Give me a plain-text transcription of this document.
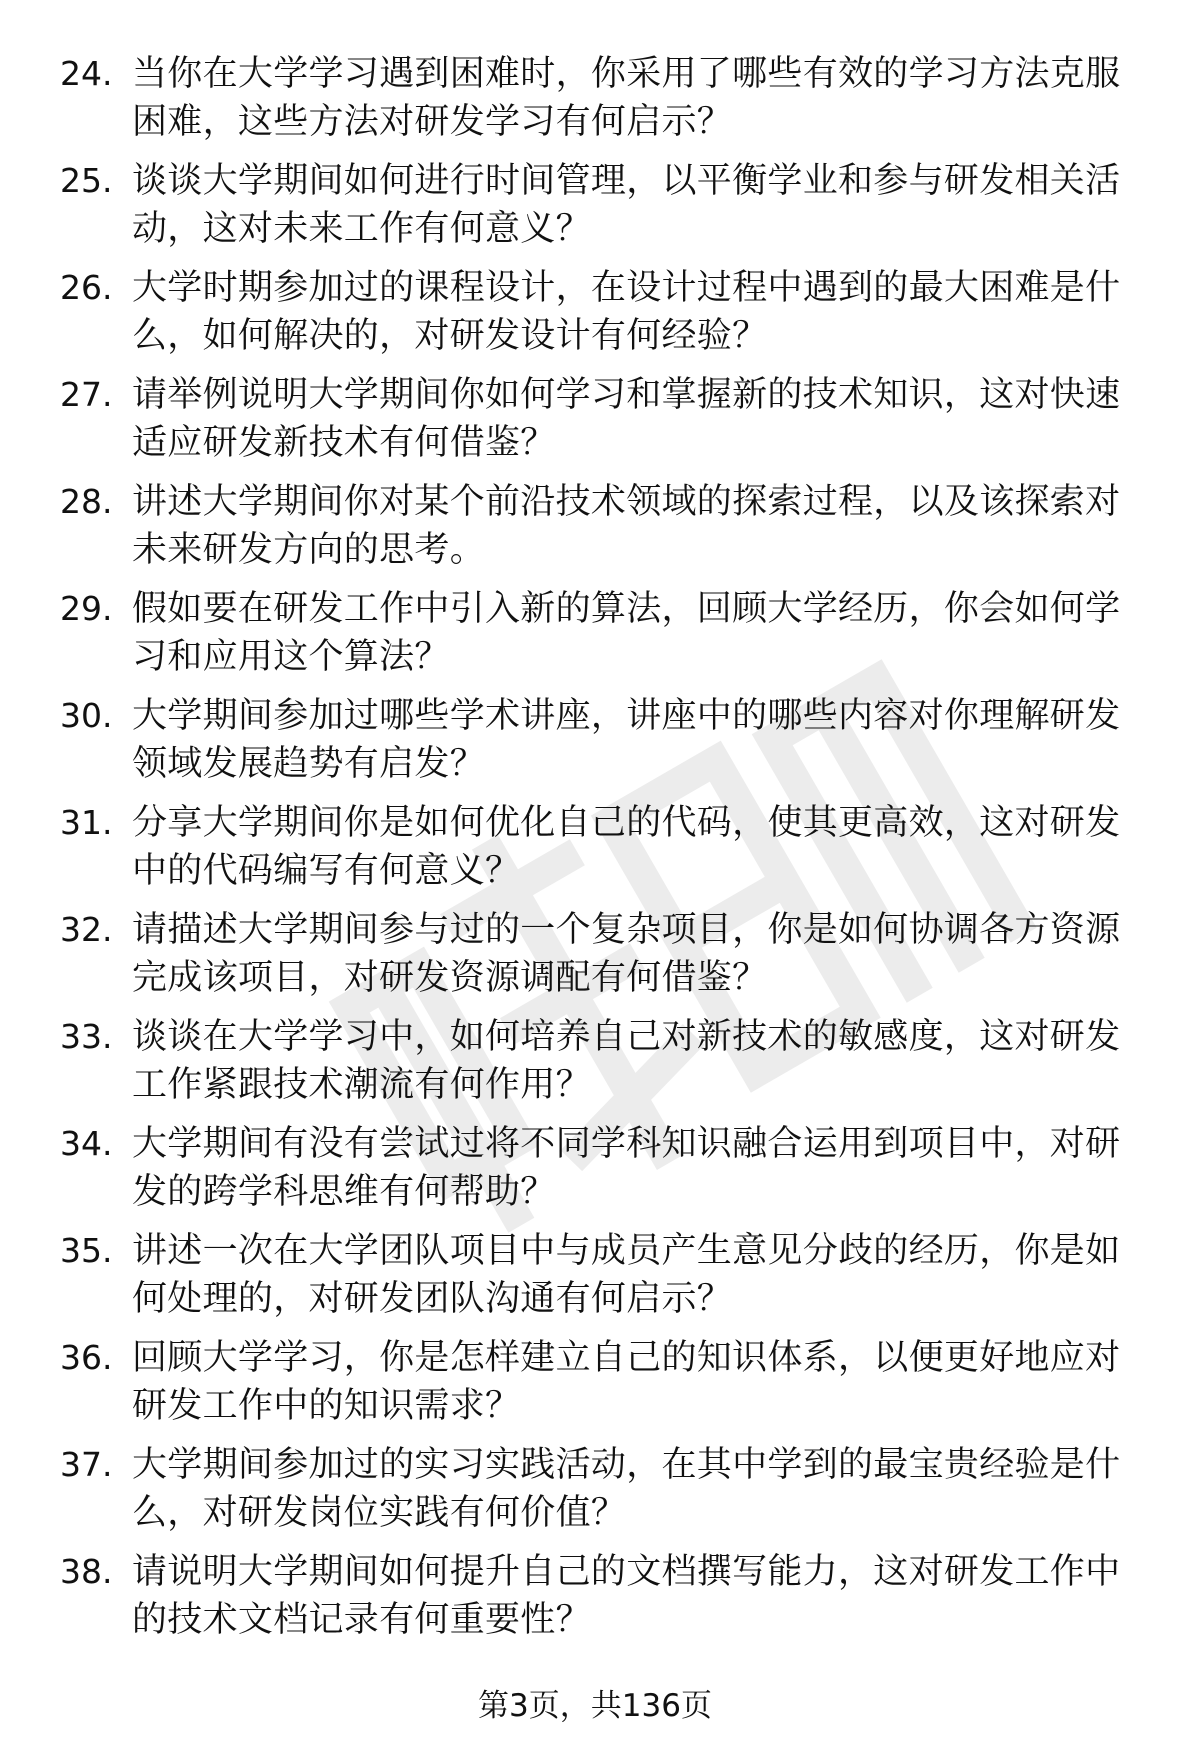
24. 当你在大学学习遇到困难时，你采用了哪些有效的学习方法克服
困难，这些方法对研发学习有何启示？
25. 谈谈大学期间如何进行时间管理，以平衡学业和参与研发相关活
动，这对未来工作有何意义？
26. 大学时期参加过的课程设计，在设计过程中遇到的最大困难是什
么，如何解决的，对研发设计有何经验？
27. 请举例说明大学期间你如何学习和掌握新的技术知识，这对快速
适应研发新技术有何借鉴？
28. 讲述大学期间你对某个前沿技术领域的探索过程，以及该探索对
未来研发方向的思考。
29. 假如要在研发工作中引入新的算法，回顾大学经历，你会如何学
习和应用这个算法？
30. 大学期间参加过哪些学术讲座，讲座中的哪些内容对你理解研发
领域发展趋势有启发？
31. 分享大学期间你是如何优化自己的代码，使其更高效，这对研发
中的代码编写有何意义？
32. 请描述大学期间参与过的一个复杂项目，你是如何协调各方资源
完成该项目，对研发资源调配有何借鉴？
33. 谈谈在大学学习中，如何培养自己对新技术的敏感度，这对研发
工作紧跟技术潮流有何作用？
34. 大学期间有没有尝试过将不同学科知识融合运用到项目中，对研
发的跨学科思维有何帮助？
35. 讲述一次在大学团队项目中与成员产生意见分歧的经历，你是如
何处理的，对研发团队沟通有何启示？
36. 回顾大学学习，你是怎样建立自己的知识体系，以便更好地应对
研发工作中的知识需求？
37. 大学期间参加过的实习实践活动，在其中学到的最宝贵经验是什
么，对研发岗位实践有何价值？
38. 请说明大学期间如何提升自己的文档撰写能力，这对研发工作中
的技术文档记录有何重要性？
第3页，共136页
